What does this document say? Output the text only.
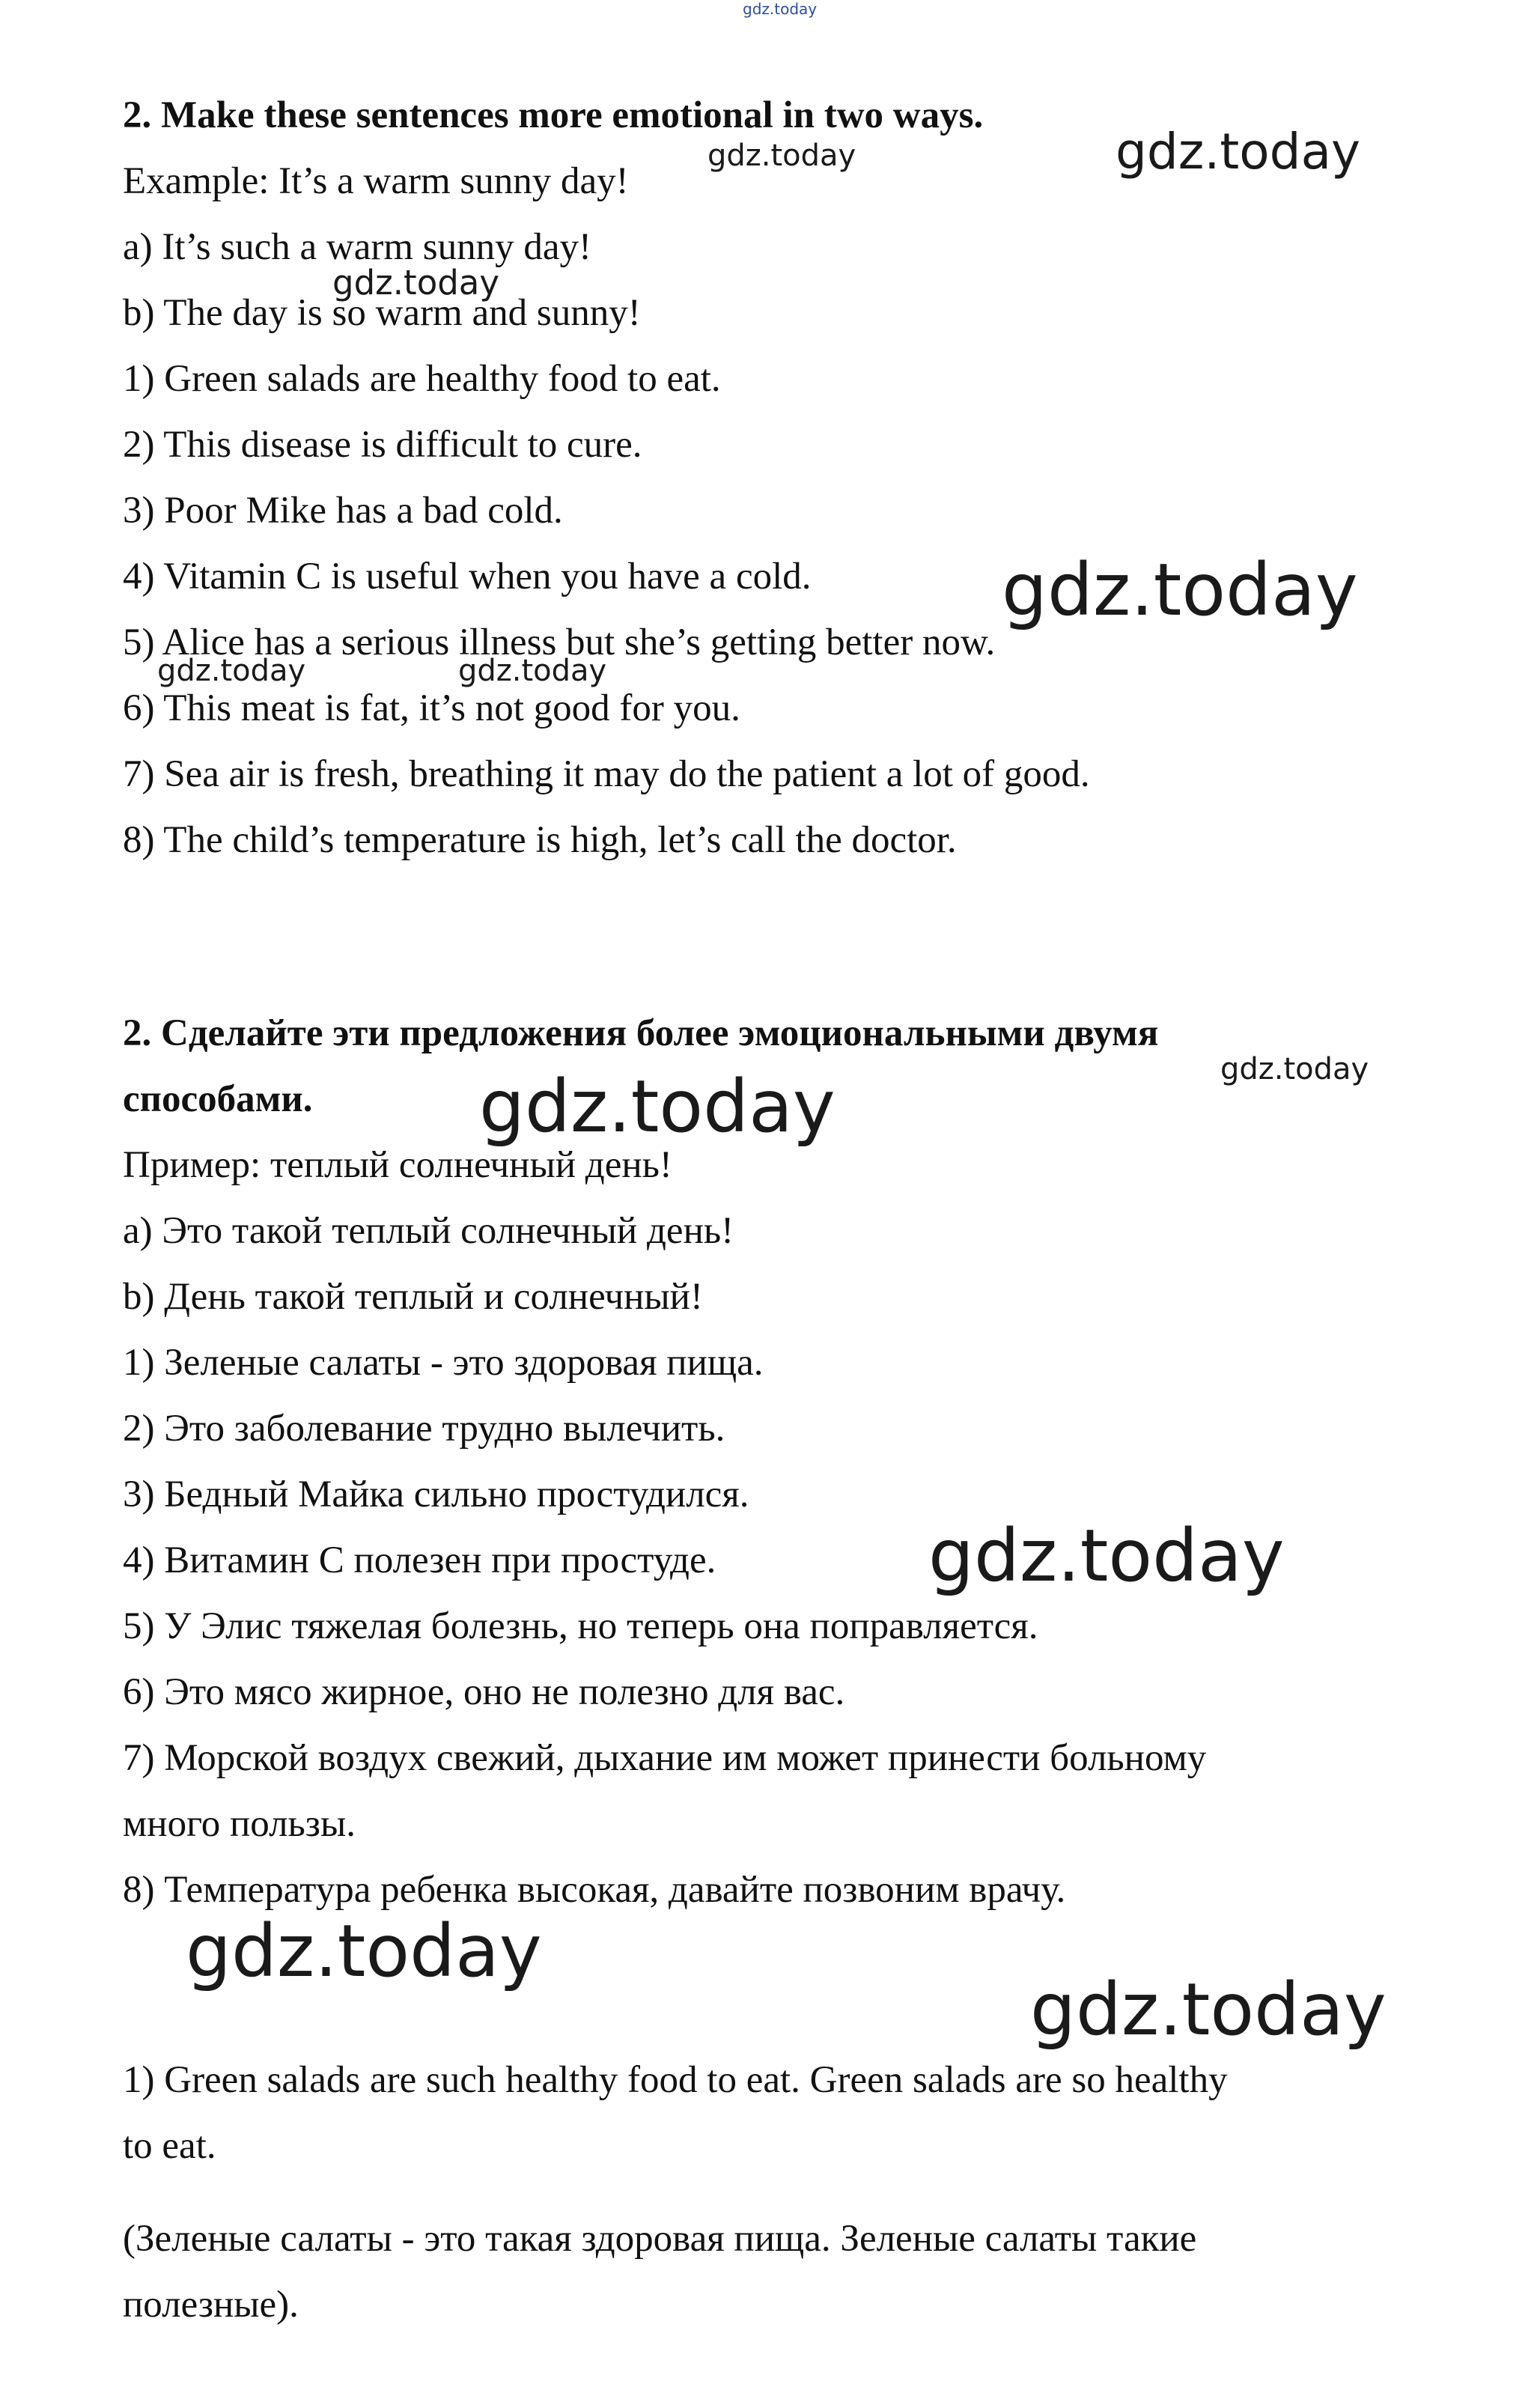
gdz.today
2. Make these sentences more emotional in two ways.
Example: It’s a warm sunny day!
a) It’s such a warm sunny day!
b) The day is so warm and sunny!
1) Green salads are healthy food to eat.
2) This disease is difficult to cure.
3) Poor Mike has a bad cold.
4) Vitamin C is useful when you have a cold.
5) Alice has a serious illness but she’s getting better now.
6) This meat is fat, it’s not good for you.
7) Sea air is fresh, breathing it may do the patient a lot of good.
8) The child’s temperature is high, let’s call the doctor.
2. Сделайте эти предложения более эмоциональными двумя
способами.
Пример: теплый солнечный день!
a) Это такой теплый солнечный день!
b) День такой теплый и солнечный!
1) Зеленые салаты - это здоровая пища.
2) Это заболевание трудно вылечить.
3) Бедный Майка сильно простудился.
4) Витамин С полезен при простуде.
5) У Элис тяжелая болезнь, но теперь она поправляется.
6) Это мясо жирное, оно не полезно для вас.
7) Морской воздух свежий, дыхание им может принести больному
много пользы.
8) Температура ребенка высокая, давайте позвоним врачу.
1) Green salads are such healthy food to eat. Green salads are so healthy
to eat.
(Зеленые салаты - это такая здоровая пища. Зеленые салаты такие
полезные).
gdz.today	gdz.today
gdz.today
gdz.today
gdz.today	gdz.today
gdz.today
gdz.today
gdz.today
gdz.today
gdz.today
